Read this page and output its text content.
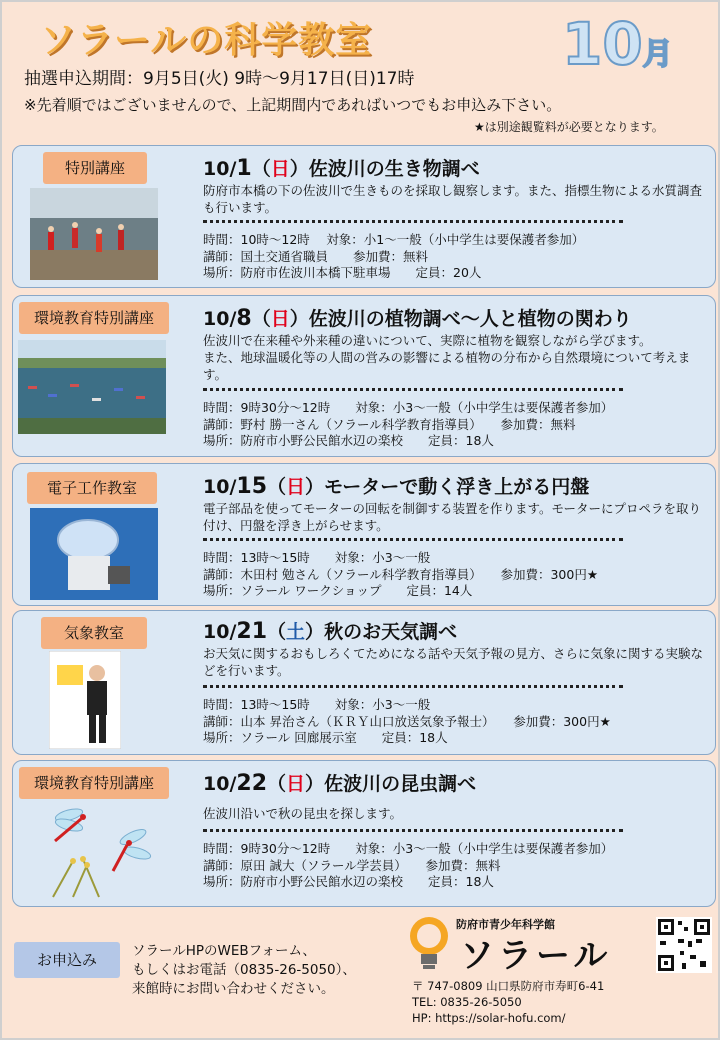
ソラールの科学教室	10月
抽選申込期間：9月5日(火) 9時～9月17日(日)17時
※先着順ではございませんので、上記期間内であればいつでもお申込み下さい。
★は別途観覧料が必要となります。
特別講座	10/1（日）佐波川の生き物調べ
防府市本橋の下の佐波川で生きものを採取し観察します。また、指標生物による水質調査も行います。
時間：10時～12時　 対象：小1～一般（小中学生は要保護者参加）
講師：国土交通省職員　　参加費：無料
場所：防府市佐波川本橋下駐車場　　定員：20人
環境教育特別講座	10/8（日）佐波川の植物調べ～人と植物の関わり
佐波川で在来種や外来種の違いについて、実際に植物を観察しながら学びます。
また、地球温暖化等の人間の営みの影響による植物の分布から自然環境について考えます。
時間：9時30分～12時　　対象：小3～一般（小中学生は要保護者参加）
講師：野村 勝一さん（ソラール科学教育指導員）　　参加費：無料
場所：防府市小野公民館水辺の楽校　　定員：18人
電子工作教室	10/15（日）モーターで動く浮き上がる円盤
電子部品を使ってモーターの回転を制御する装置を作ります。モーターにプロペラを取り付け、円盤を浮き上がらせます。
時間：13時～15時　　対象：小3～一般
講師：木田村 勉さん（ソラール科学教育指導員）　　参加費：300円★
場所：ソラール ワークショップ　　定員：14人
気象教室	10/21（土）秋のお天気調べ
お天気に関するおもしろくてためになる話や天気予報の見方、さらに気象に関する実験などを行います。
時間：13時～15時　　対象：小3～一般
講師：山本 昇治さん（ＫＲＹ山口放送気象予報士）　　参加費：300円★
場所：ソラール 回廊展示室　　定員：18人
環境教育特別講座	10/22（日）佐波川の昆虫調べ
佐波川沿いで秋の昆虫を探します。
時間：9時30分～12時　　対象：小3～一般（小中学生は要保護者参加）
講師：原田 誠大（ソラール学芸員）　　参加費：無料
場所：防府市小野公民館水辺の楽校　　定員：18人
お申込み	ソラールHPのWEBフォーム、
もしくはお電話（0835-26-5050）、
来館時にお問い合わせください。
防府市青少年科学館
ソラール
〒 747-0809 山口県防府市寿町6-41
TEL: 0835-26-5050
HP: https://solar-hofu.com/
